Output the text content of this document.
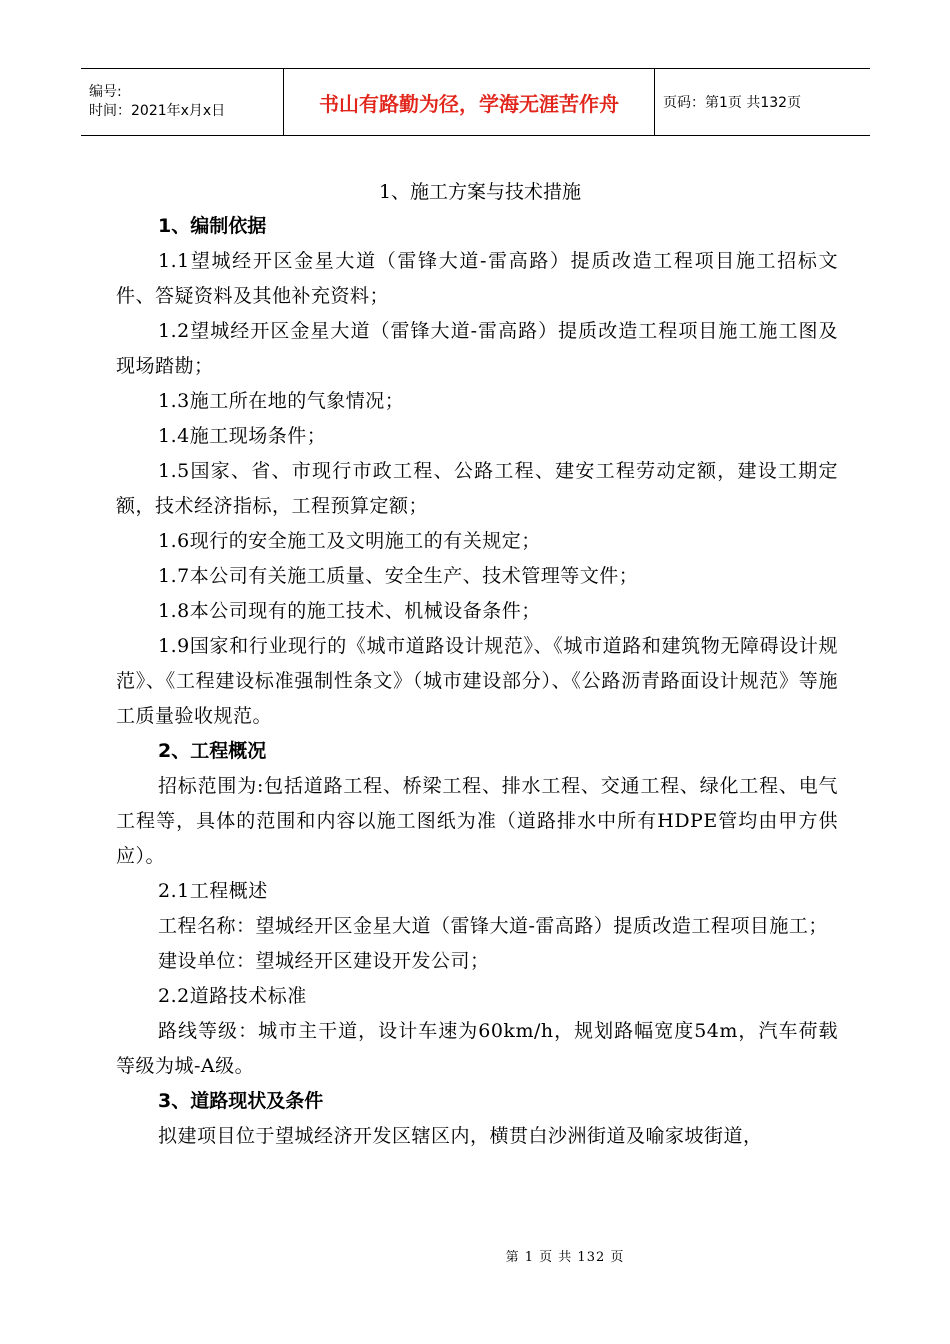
编号:
时间：2021年x月x日	书山有路勤为径，学海无涯苦作舟	页码：第1页 共132页
1、施工方案与技术措施

1、编制依据

1.1望城经开区金星大道（雷锋大道-雷高路）提质改造工程项目施工招标文件、答疑资料及其他补充资料；

1.2望城经开区金星大道（雷锋大道-雷高路）提质改造工程项目施工施工图及现场踏勘；

1.3施工所在地的气象情况；

1.4施工现场条件；

1.5国家、省、市现行市政工程、公路工程、建安工程劳动定额，建设工期定额，技术经济指标，工程预算定额；

1.6现行的安全施工及文明施工的有关规定；

1.7本公司有关施工质量、安全生产、技术管理等文件；

1.8本公司现有的施工技术、机械设备条件；

1.9国家和行业现行的《城市道路设计规范》、《城市道路和建筑物无障碍设计规范》、《工程建设标准强制性条文》（城市建设部分）、《公路沥青路面设计规范》等施工质量验收规范。

2、工程概况

招标范围为:包括道路工程、桥梁工程、排水工程、交通工程、绿化工程、电气工程等，具体的范围和内容以施工图纸为准（道路排水中所有HDPE管均由甲方供应）。

2.1工程概述

工程名称：望城经开区金星大道（雷锋大道-雷高路）提质改造工程项目施工；

建设单位：望城经开区建设开发公司；

2.2道路技术标准

路线等级：城市主干道，设计车速为60km/h，规划路幅宽度54m，汽车荷载等级为城-A级。

3、道路现状及条件

拟建项目位于望城经济开发区辖区内，横贯白沙洲街道及喻家坡街道，

第 1 页 共 132 页
